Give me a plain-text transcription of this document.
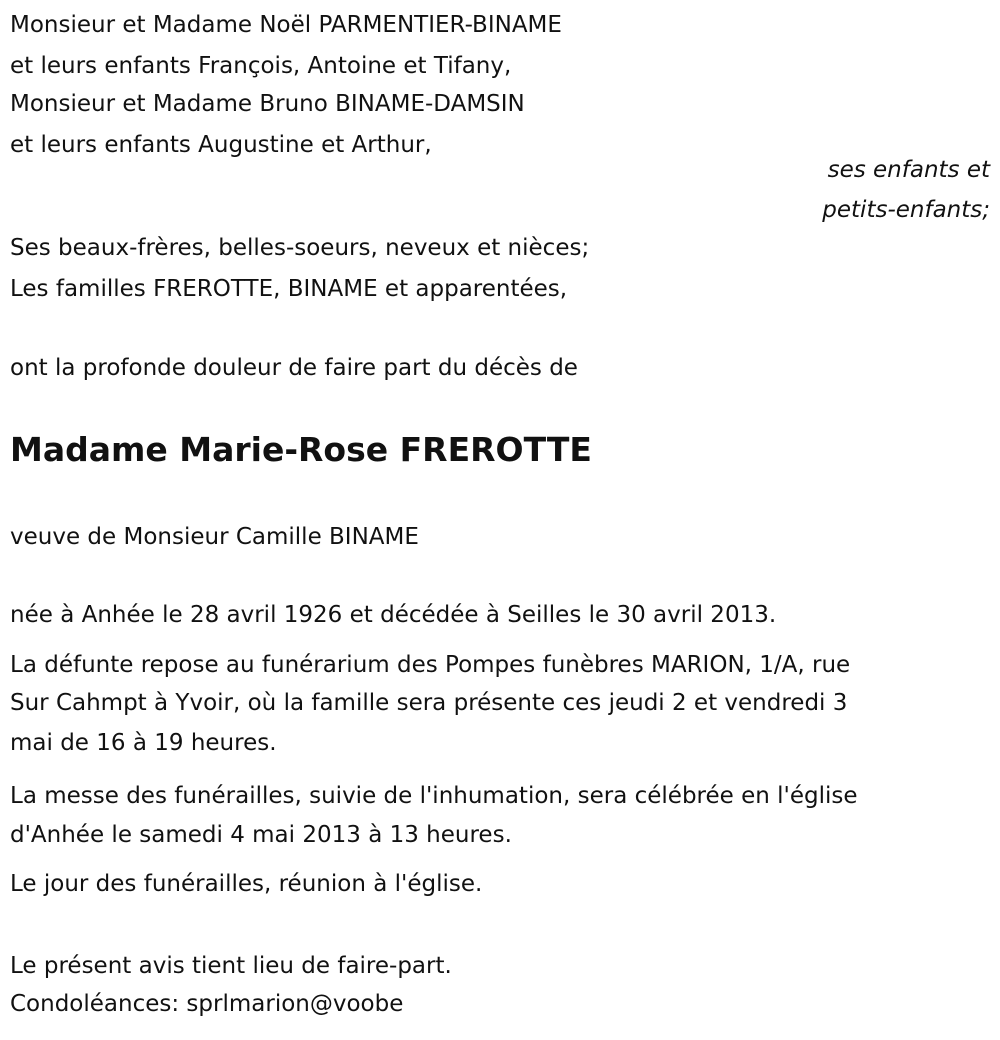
Monsieur et Madame Noël PARMENTIER-BINAME
et leurs enfants François, Antoine et Tifany,
Monsieur et Madame Bruno BINAME-DAMSIN
et leurs enfants Augustine et Arthur,
ses enfants et
petits-enfants;
Ses beaux-frères, belles-soeurs, neveux et nièces;
Les familles FREROTTE, BINAME et apparentées,
ont la profonde douleur de faire part du décès de
Madame Marie-Rose FREROTTE
veuve de Monsieur Camille BINAME
née à Anhée le 28 avril 1926 et décédée à Seilles le 30 avril 2013.
La défunte repose au funérarium des Pompes funèbres MARION, 1/A, rue
Sur Cahmpt à Yvoir, où la famille sera présente ces jeudi 2 et vendredi 3
mai de 16 à 19 heures.
La messe des funérailles, suivie de l'inhumation, sera célébrée en l'église
d'Anhée le samedi 4 mai 2013 à 13 heures.
Le jour des funérailles, réunion à l'église.
Le présent avis tient lieu de faire-part.
Condoléances: sprlmarion@voobe
